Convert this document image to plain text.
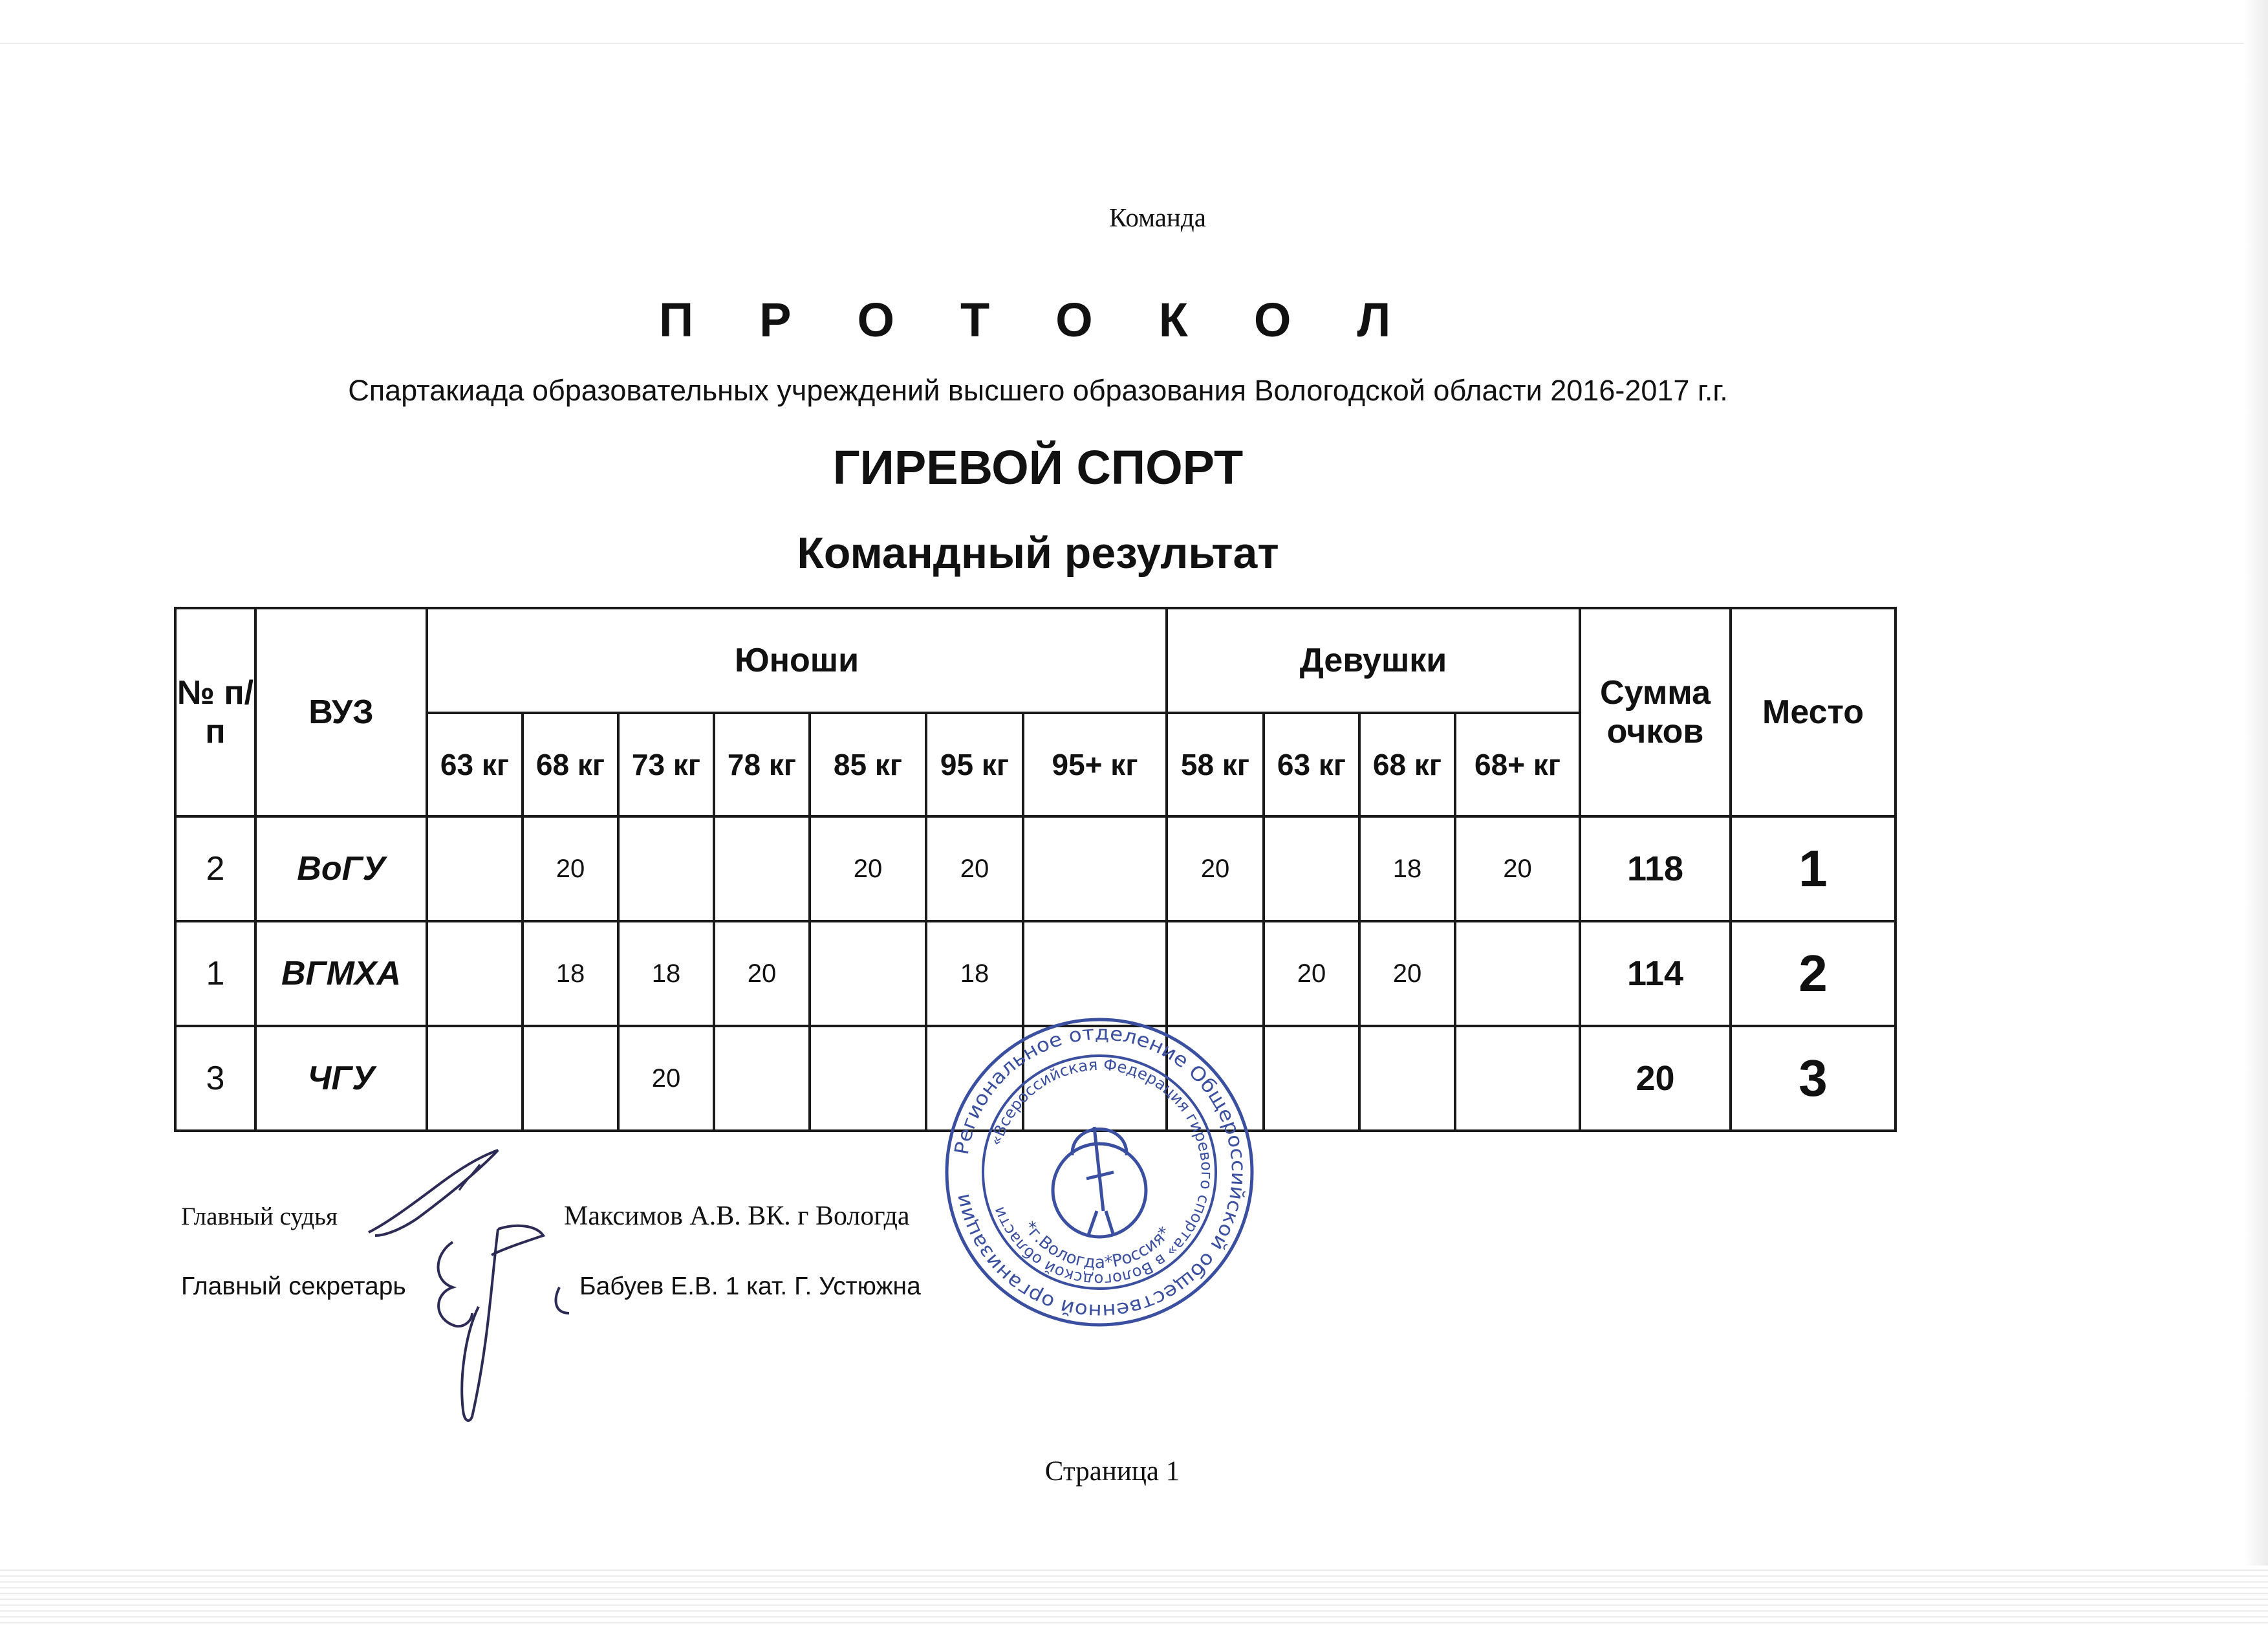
Команда
П Р О Т О К О Л
Спартакиада образовательных учреждений высшего образования Вологодской области 2016-2017 г.г.
ГИРЕВОЙ СПОРТ
Командный результат
№ п/п	ВУЗ	Юноши							Девушки				Сумма очков	Место
		63 кг	68 кг	73 кг	78 кг	85 кг	95 кг	95+ кг	58 кг	63 кг	68 кг	68+ кг		
2	ВоГУ		20			20	20		20		18	20	118	1
1	ВГМХА		18	18	20		18			20	20		114	2
3	ЧГУ			20									20	3
Региональное отделение Общероссийской общественной организации
«Всероссийская Федерация гиревого спорта» в Вологодской области
*г.Вологда*Россия*
Главный судья	Максимов А.В. ВК. г Вологда
Главный секретарь	Бабуев Е.В. 1 кат. Г. Устюжна
Страница 1
